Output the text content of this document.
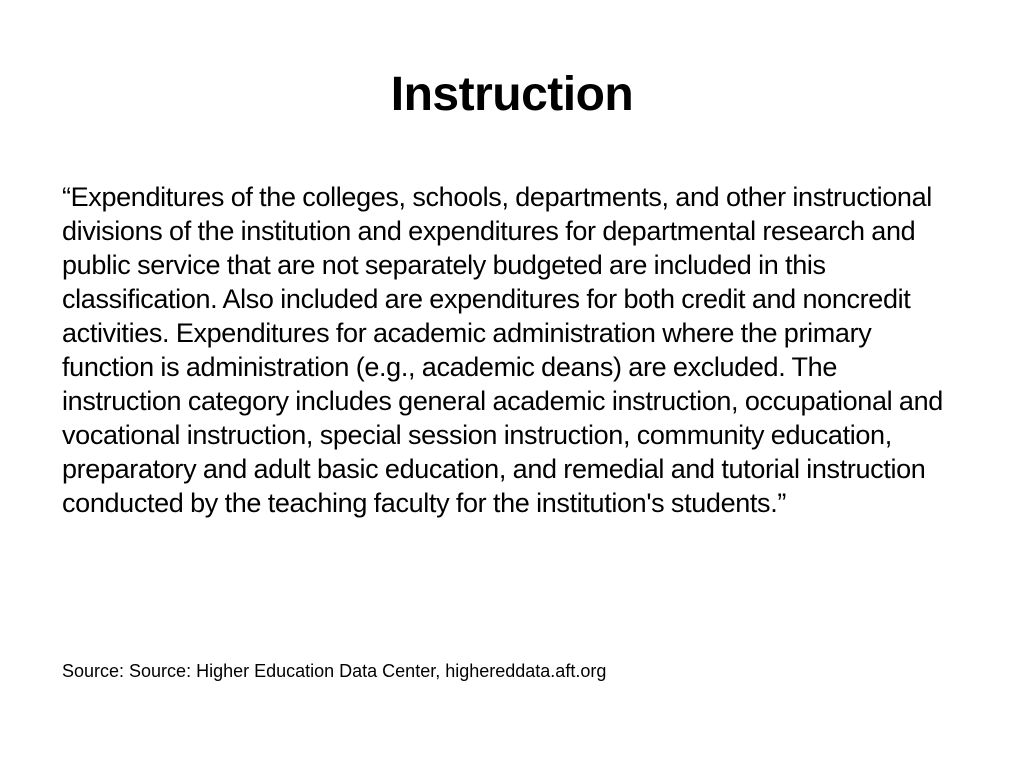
Instruction

“Expenditures of the colleges, schools, departments, and other instructional divisions of the institution and expenditures for departmental research and public service that are not separately budgeted are included in this classification. Also included are expenditures for both credit and noncredit activities. Expenditures for academic administration where the primary function is administration (e.g., academic deans) are excluded. The instruction category includes general academic instruction, occupational and vocational instruction, special session instruction, community education, preparatory and adult basic education, and remedial and tutorial instruction conducted by the teaching faculty for the institution's students.”

Source: Source: Higher Education Data Center, highereddata.aft.org
